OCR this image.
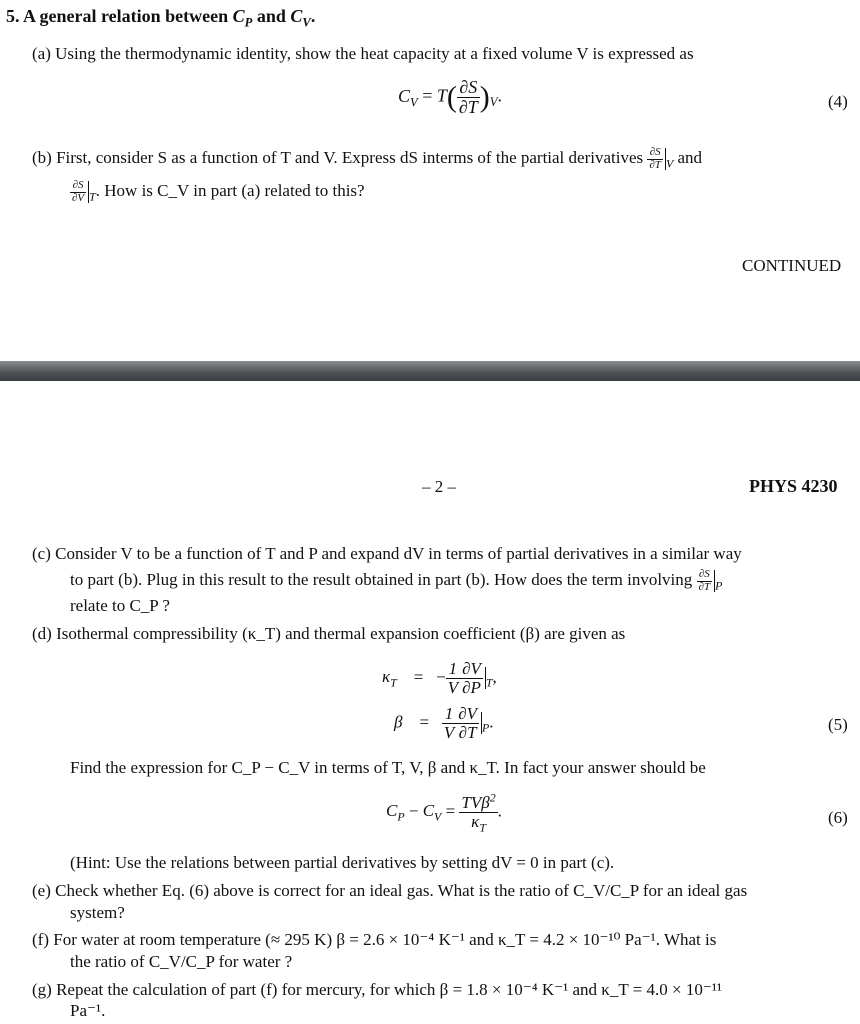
5. A general relation between $C_P$ and $C_V$.
(a) Using the thermodynamic identity, show the heat capacity at a fixed volume V is expressed as
$C_V = T( \frac{\partial S}{\partial T} )_V$.	(4)
(b) First, consider S as a function of T and V. Express dS interms of the partial derivatives $\frac{\partial S}{\partial T} _V$ and
$\frac{\partial S}{\partial V} _T$. How is C_V in part (a) related to this?
CONTINUED
– 2 –	PHYS 4230
(c) Consider V to be a function of T and P and expand dV in terms of partial derivatives in a similar way
to part (b). Plug in this result to the result obtained in part (b). How does the term involving $\frac{\partial S}{\partial T} _P$
relate to C_P ?
(d) Isothermal compressibility (κ_T) and thermal expansion coefficient (β) are given as
$\kappa_T$    =   − $\frac{1}{V} \frac{\partial V}{\partial P} _T$,
β    = $\frac{1}{V} \frac{\partial V}{\partial T} _P$.	(5)
Find the expression for C_P − C_V in terms of T, V, β and κ_T. In fact your answer should be
$C_P - C_V = \frac{TV\beta^2}{\kappa_T}$ .	(6)
(Hint: Use the relations between partial derivatives by setting dV = 0 in part (c).
(e) Check whether Eq. (6) above is correct for an ideal gas. What is the ratio of C_V/C_P for an ideal gas
system?
(f) For water at room temperature (≈ 295 K) β = 2.6 × 10⁻⁴ K⁻¹ and κ_T = 4.2 × 10⁻¹⁰ Pa⁻¹. What is
the ratio of C_V/C_P for water ?
(g) Repeat the calculation of part (f) for mercury, for which β = 1.8 × 10⁻⁴ K⁻¹ and κ_T = 4.0 × 10⁻¹¹
Pa⁻¹.
